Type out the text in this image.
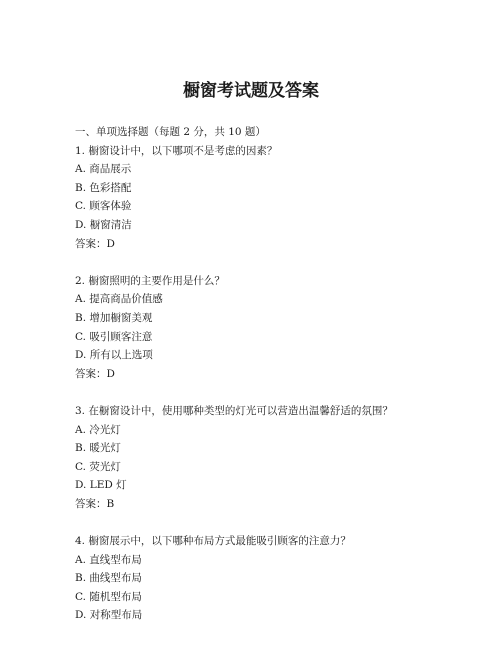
橱窗考试题及答案
一、单项选择题（每题 2 分，共 10 题）
1. 橱窗设计中，以下哪项不是考虑的因素？
A. 商品展示
B. 色彩搭配
C. 顾客体验
D. 橱窗清洁
答案：D
2. 橱窗照明的主要作用是什么？
A. 提高商品价值感
B. 增加橱窗美观
C. 吸引顾客注意
D. 所有以上选项
答案：D
3. 在橱窗设计中，使用哪种类型的灯光可以营造出温馨舒适的氛围？
A. 冷光灯
B. 暖光灯
C. 荧光灯
D. LED 灯
答案：B
4. 橱窗展示中，以下哪种布局方式最能吸引顾客的注意力？
A. 直线型布局
B. 曲线型布局
C. 随机型布局
D. 对称型布局
